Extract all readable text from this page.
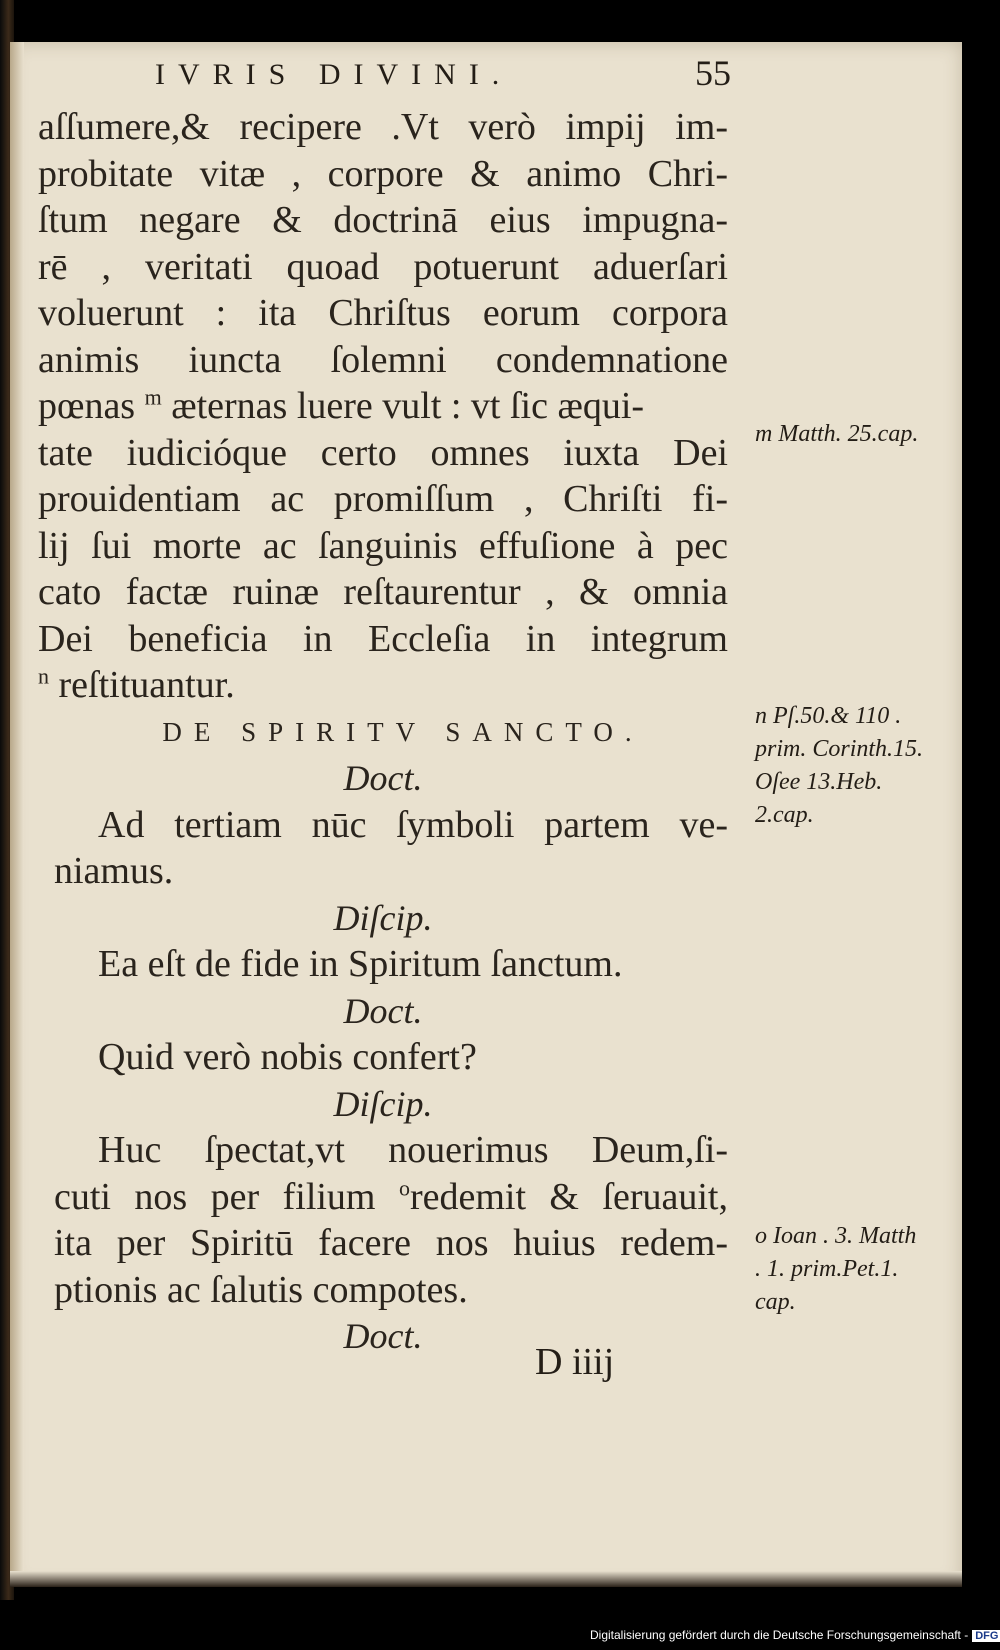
IVRIS DIVINI.	55
aſſumere,& recipere .Vt verò impij im-
probitate vitæ , corpore & animo Chri-
ſtum negare & doctrinā eius impugna-
rē , veritati quoad potuerunt aduerſari
voluerunt : ita Chriſtus eorum corpora
animis iuncta ſolemni condemnatione
pœnas $^m$ æternas luere vult : vt ſic æqui-
tate iudicióque certo omnes iuxta Dei
prouidentiam ac promiſſum , Chriſti fi-
lij ſui morte ac ſanguinis effuſione à pec
cato factæ ruinæ reſtaurentur , & omnia
Dei beneficia in Eccleſia in integrum
$^n$ reſtituantur.
DE SPIRITV SANCTO.
Doct.
Ad tertiam nūc ſymboli partem ve-
niamus.
Diſcip.
Ea eſt de fide in Spiritum ſanctum.
Doct.
Quid verò nobis confert?
Diſcip.
Huc ſpectat,vt nouerimus Deum,ſi-
cuti nos per filium $^o$redemit & ſeruauit,
ita per Spiritū facere nos huius redem-
ptionis ac ſalutis compotes.
Doct.
D iiij
m Matth. 25.cap.
n Pſ.50.& 110 . prim. Corinth.15. Oſee 13.Heb. 2.cap.
o Ioan . 3. Matth . 1. prim.Pet.1. cap.
Digitalisierung gefördert durch die Deutsche Forschungsgemeinschaft - DFG
